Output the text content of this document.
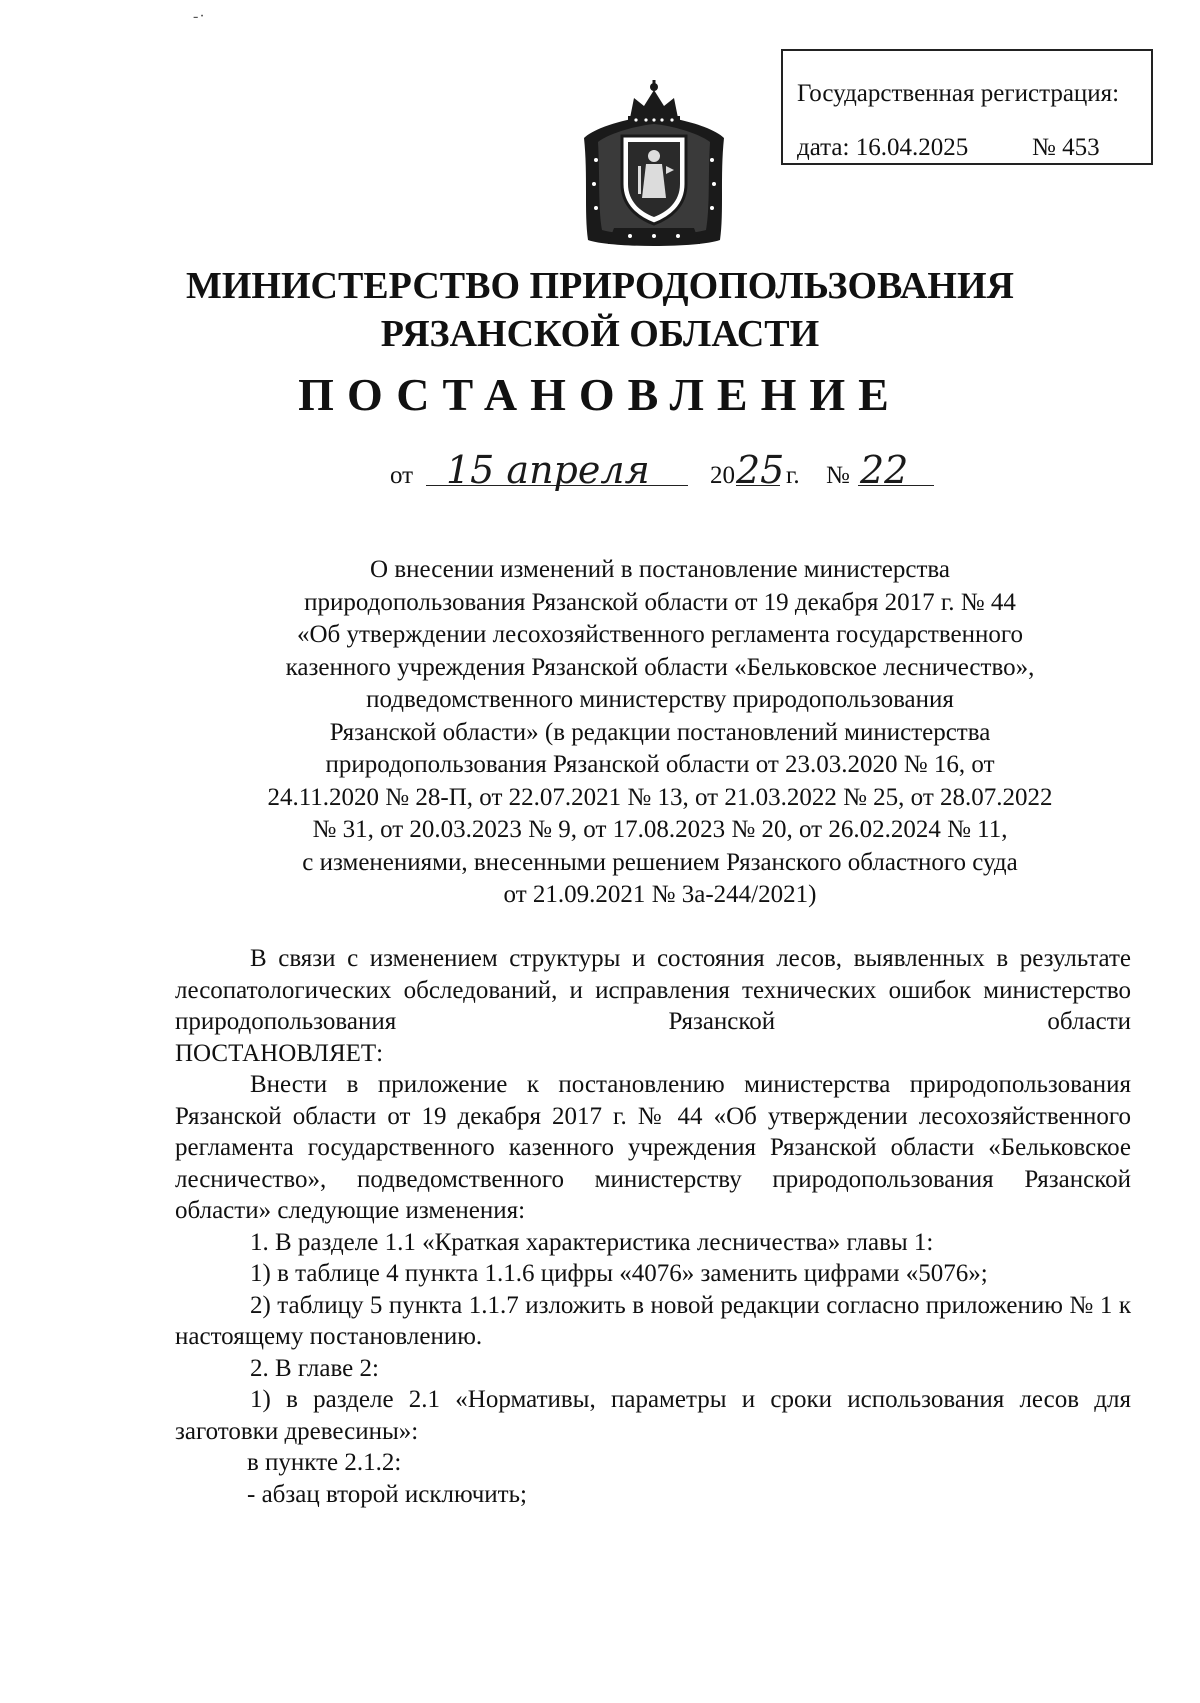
-·
Государственная регистрация:
дата: 16.04.2025	№ 453
МИНИСТЕРСТВО ПРИРОДОПОЛЬЗОВАНИЯ
РЯЗАНСКОЙ ОБЛАСТИ
ПОСТАНОВЛЕНИЕ
от 15 апреля 20 25 г. № 22
О внесении изменений в постановление министерства
природопользования Рязанской области от 19 декабря 2017 г. № 44
«Об утверждении лесохозяйственного регламента государственного
казенного учреждения Рязанской области «Бельковское лесничество»,
подведомственного министерству природопользования
Рязанской области» (в редакции постановлений министерства
природопользования Рязанской области от 23.03.2020 № 16, от
24.11.2020 № 28-П, от 22.07.2021 № 13, от 21.03.2022 № 25, от 28.07.2022
№ 31, от 20.03.2023 № 9, от 17.08.2023 № 20, от 26.02.2024 № 11,
с изменениями, внесенными решением Рязанского областного суда
от 21.09.2021 № 3а-244/2021)

В связи с изменением структуры и состояния лесов, выявленных в результате лесопатологических обследований, и исправления технических ошибок министерство природопользования Рязанской области

ПОСТАНОВЛЯЕТ:

Внести в приложение к постановлению министерства природопользования Рязанской области от 19 декабря 2017 г. № 44 «Об утверждении лесохозяйственного регламента государственного казенного учреждения Рязанской области «Бельковское лесничество», подведомственного министерству природопользования Рязанской области» следующие изменения:

1. В разделе 1.1 «Краткая характеристика лесничества» главы 1:

1) в таблице 4 пункта 1.1.6 цифры «4076» заменить цифрами «5076»;

2) таблицу 5 пункта 1.1.7 изложить в новой редакции согласно приложению № 1 к настоящему постановлению.

2. В главе 2:

1) в разделе 2.1 «Нормативы, параметры и сроки использования лесов для заготовки древесины»:

в пункте 2.1.2:

- абзац второй исключить;
